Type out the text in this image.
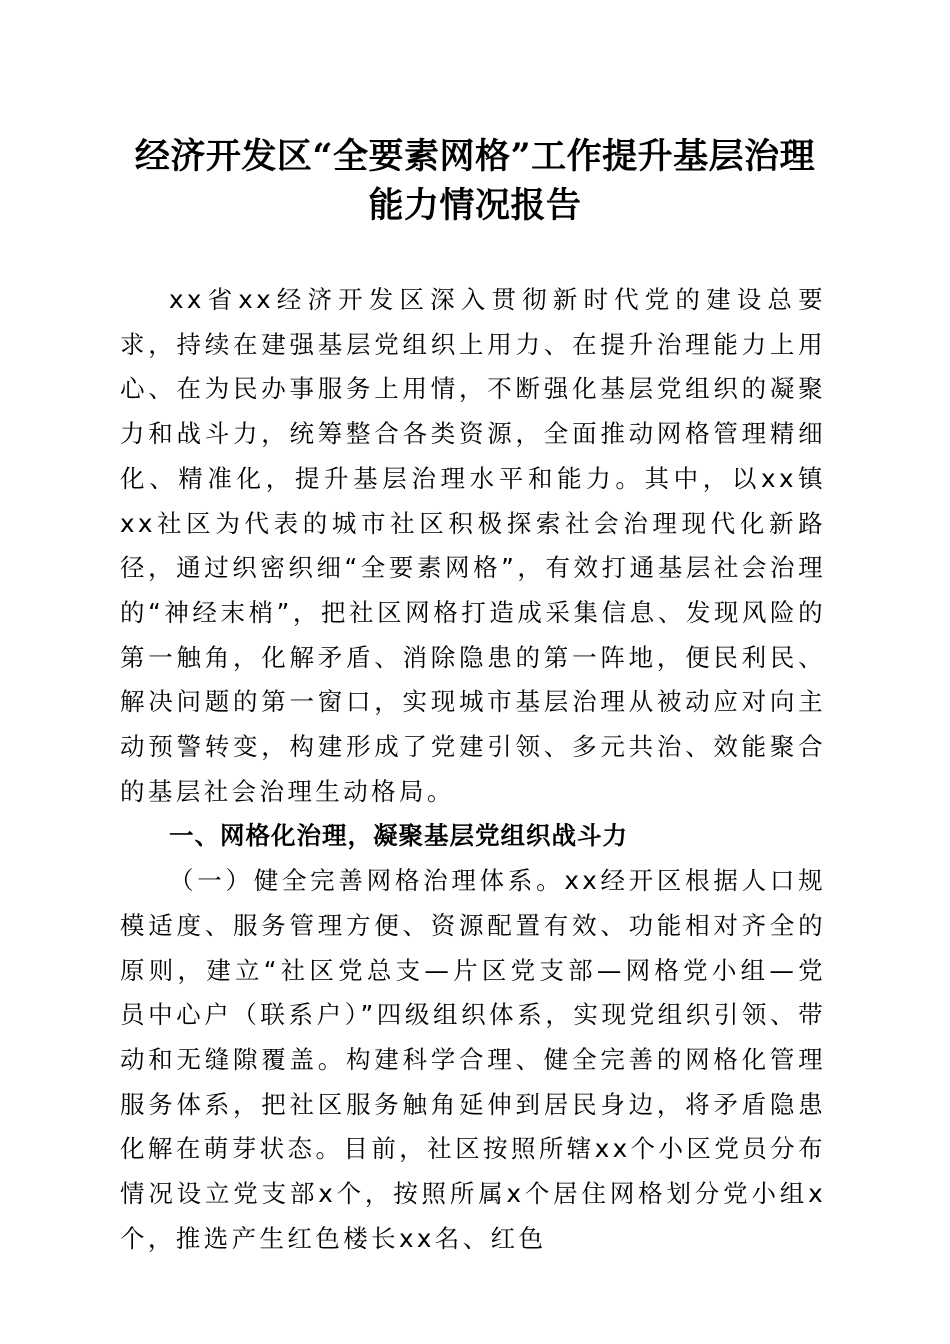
经济开发区“全要素网格”工作提升基层治理
能力情况报告

xx省xx经济开发区深入贯彻新时代党的建设总要求，持续在建强基层党组织上用力、在提升治理能力上用心、在为民办事服务上用情，不断强化基层党组织的凝聚力和战斗力，统筹整合各类资源，全面推动网格管理精细化、精准化，提升基层治理水平和能力。其中，以xx镇xx社区为代表的城市社区积极探索社会治理现代化新路径，通过织密织细“全要素网格”，有效打通基层社会治理的“神经末梢”，把社区网格打造成采集信息、发现风险的第一触角，化解矛盾、消除隐患的第一阵地，便民利民、解决问题的第一窗口，实现城市基层治理从被动应对向主动预警转变，构建形成了党建引领、多元共治、效能聚合的基层社会治理生动格局。

一、网格化治理，凝聚基层党组织战斗力

（一）健全完善网格治理体系。xx经开区根据人口规模适度、服务管理方便、资源配置有效、功能相对齐全的原则，建立“社区党总支—片区党支部—网格党小组—党员中心户（联系户）”四级组织体系，实现党组织引领、带动和无缝隙覆盖。构建科学合理、健全完善的网格化管理服务体系，把社区服务触角延伸到居民身边，将矛盾隐患化解在萌芽状态。目前，社区按照所辖xx个小区党员分布情况设立党支部x个，按照所属x个居住网格划分党小组x个，推选产生红色楼长xx名、红色
